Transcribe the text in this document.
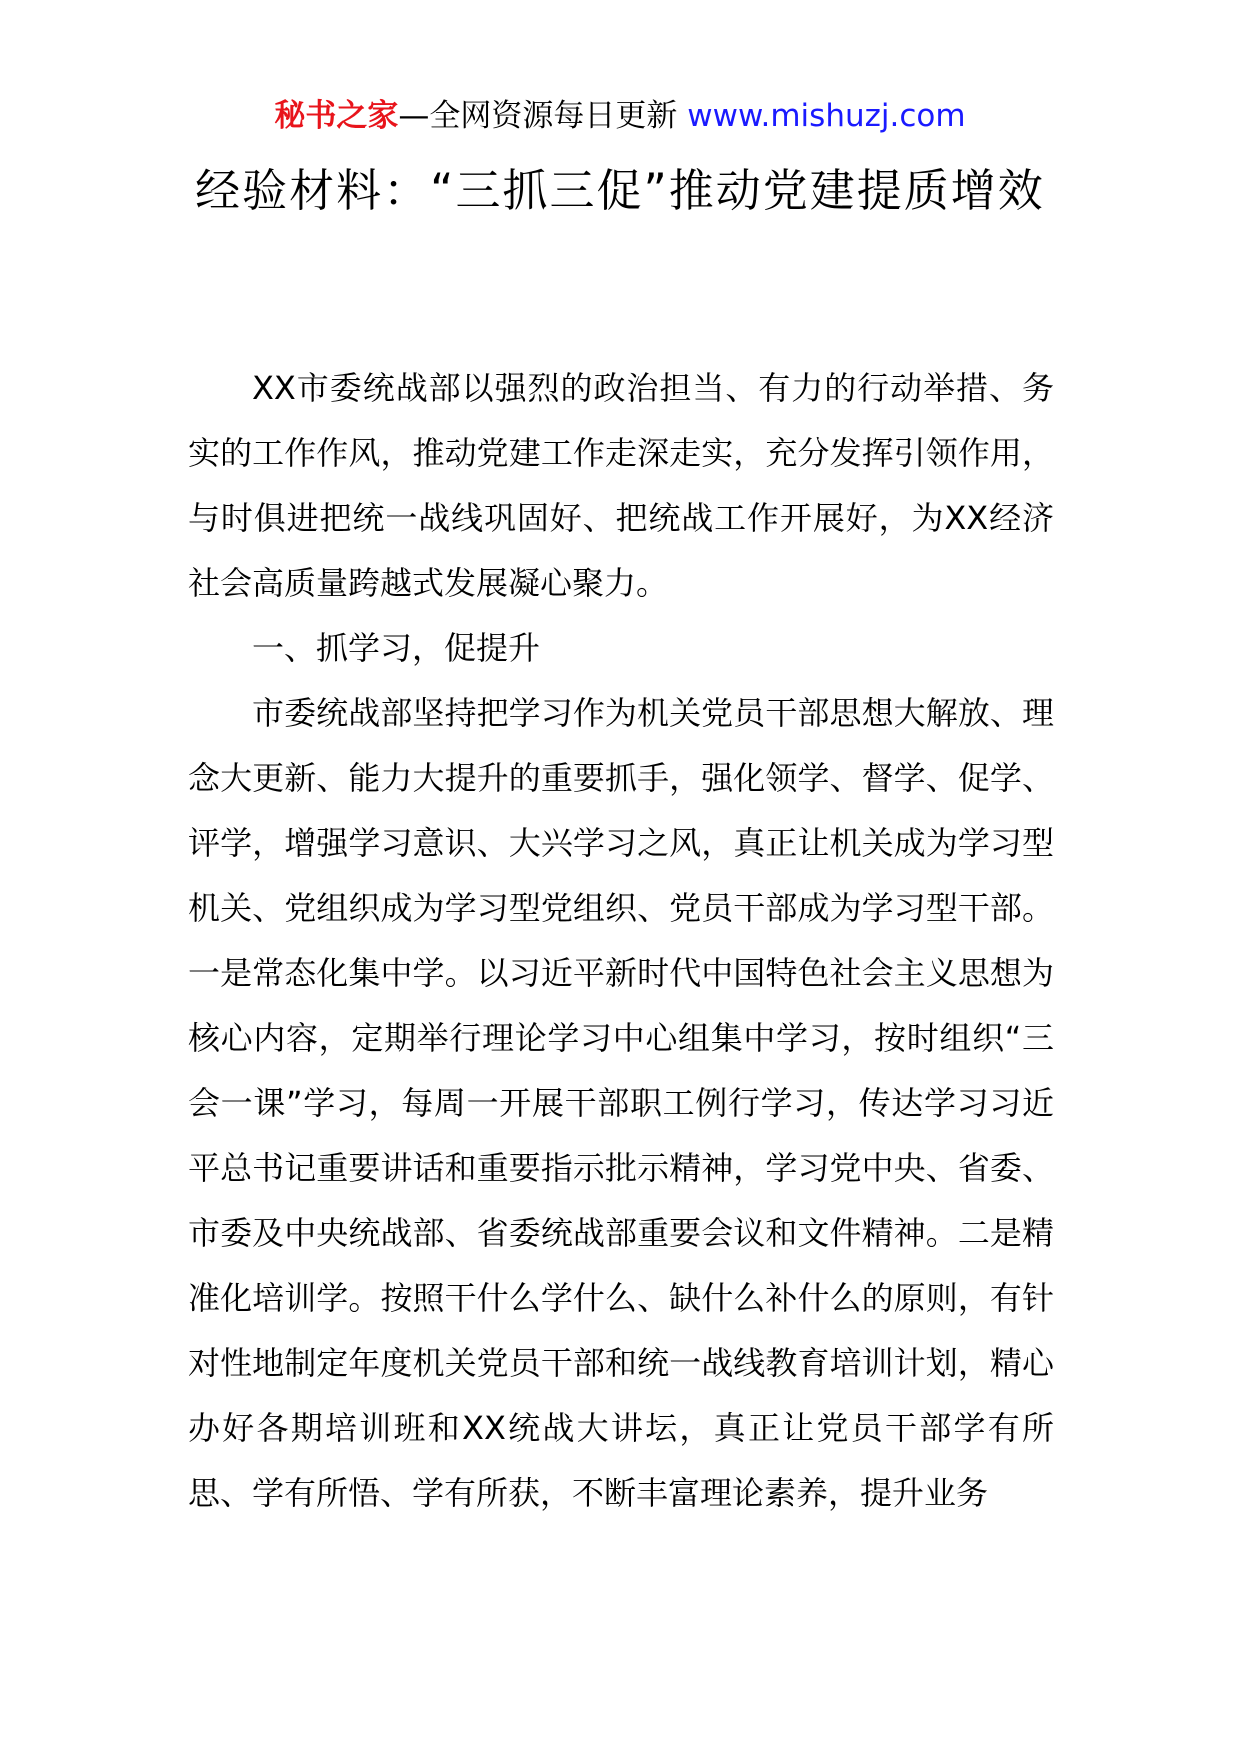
秘书之家—全网资源每日更新 www.mishuzj.com
经验材料：“三抓三促”推动党建提质增效

XX市委统战部以强烈的政治担当、有力的行动举措、务实的工作作风，推动党建工作走深走实，充分发挥引领作用，与时俱进把统一战线巩固好、把统战工作开展好，为XX经济社会高质量跨越式发展凝心聚力。

一、抓学习，促提升

市委统战部坚持把学习作为机关党员干部思想大解放、理念大更新、能力大提升的重要抓手，强化领学、督学、促学、评学，增强学习意识、大兴学习之风，真正让机关成为学习型机关、党组织成为学习型党组织、党员干部成为学习型干部。一是常态化集中学。以习近平新时代中国特色社会主义思想为核心内容，定期举行理论学习中心组集中学习，按时组织“三会一课”学习，每周一开展干部职工例行学习，传达学习习近平总书记重要讲话和重要指示批示精神，学习党中央、省委、市委及中央统战部、省委统战部重要会议和文件精神。二是精准化培训学。按照干什么学什么、缺什么补什么的原则，有针对性地制定年度机关党员干部和统一战线教育培训计划，精心办好各期培训班和XX统战大讲坛，真正让党员干部学有所思、学有所悟、学有所获，不断丰富理论素养，提升业务
